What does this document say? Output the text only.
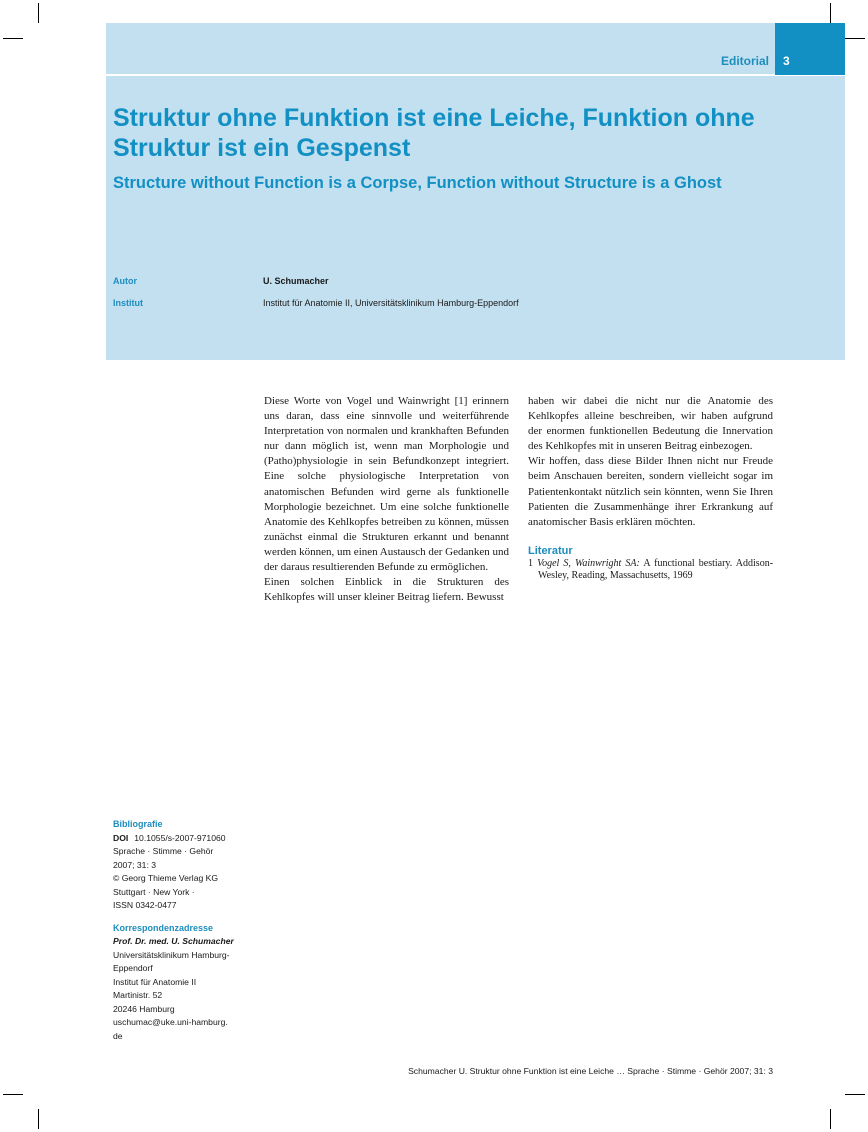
Editorial 3
Struktur ohne Funktion ist eine Leiche, Funktion ohne Struktur ist ein Gespenst
Structure without Function is a Corpse, Function without Structure is a Ghost
Autor	U. Schumacher
Institut	Institut für Anatomie II, Universitätsklinikum Hamburg-Eppendorf

Diese Worte von Vogel und Wainwright [1] erinnern uns daran, dass eine sinnvolle und weiterführende Interpretation von normalen und krankhaften Befunden nur dann möglich ist, wenn man Morphologie und (Patho)physiologie in sein Befundkonzept integriert. Eine solche physiologische Interpretation von anatomischen Befunden wird gerne als funktionelle Morphologie bezeichnet. Um eine solche funktionelle Anatomie des Kehlkopfes betreiben zu können, müssen zunächst einmal die Strukturen erkannt und benannt werden können, um einen Austausch der Gedanken und der daraus resultierenden Befunde zu ermöglichen.

Einen solchen Einblick in die Strukturen des Kehlkopfes will unser kleiner Beitrag liefern. Bewusst

haben wir dabei die nicht nur die Anatomie des Kehlkopfes alleine beschreiben, wir haben aufgrund der enormen funktionellen Bedeutung die Innervation des Kehlkopfes mit in unseren Beitrag einbezogen.

Wir hoffen, dass diese Bilder Ihnen nicht nur Freude beim Anschauen bereiten, sondern vielleicht sogar im Patientenkontakt nützlich sein könnten, wenn Sie Ihren Patienten die Zusammenhänge ihrer Erkrankung auf anatomischer Basis erklären möchten.

Literatur

1 Vogel S, Wainwright SA: A functional bestiary. Addison-Wesley, Reading, Massachusetts, 1969

Bibliografie
DOI 10.1055/s-2007-971060
Sprache · Stimme · Gehör
2007; 31: 3
© Georg Thieme Verlag KG
Stuttgart · New York ·
ISSN 0342-0477
Korrespondenzadresse
Prof. Dr. med. U. Schumacher
Universitätsklinikum Hamburg-
Eppendorf
Institut für Anatomie II
Martinistr. 52
20246 Hamburg
uschumac@uke.uni-hamburg.
de
Schumacher U. Struktur ohne Funktion ist eine Leiche … Sprache · Stimme · Gehör 2007; 31: 3
